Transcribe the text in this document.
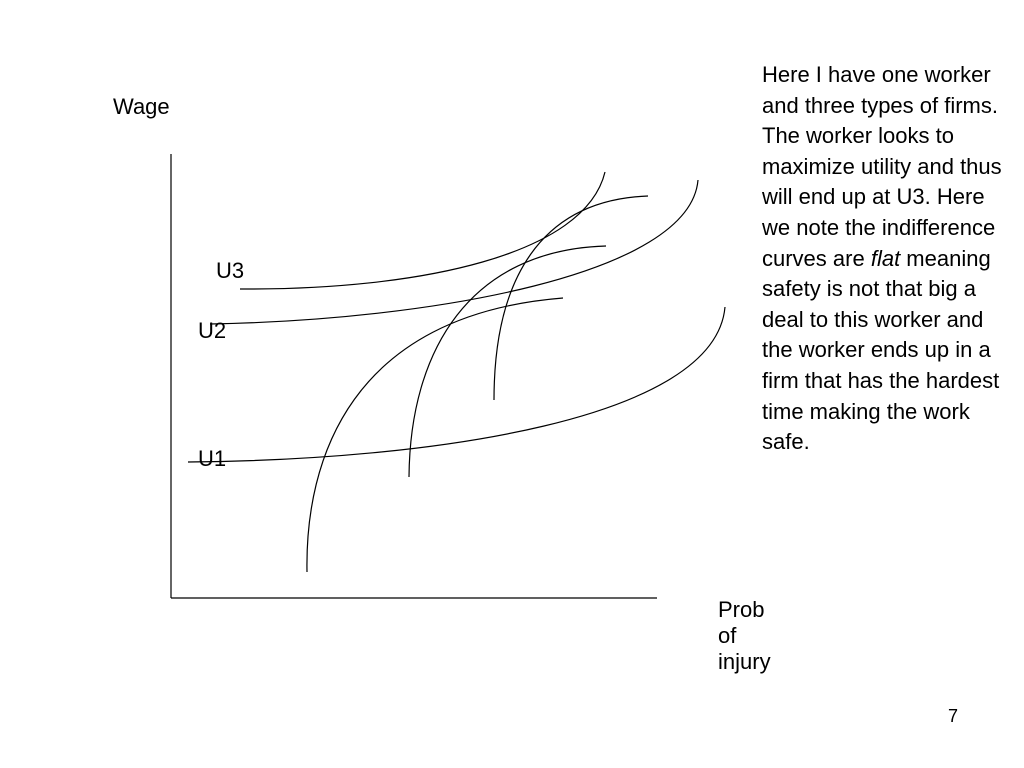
Wage
U3
U2
U1
Here I have one worker and three types of firms. The worker looks to maximize utility and thus will end up at U3. Here we note the indifference curves are flat meaning safety is not that big a deal to this worker and the worker ends up in a firm that has the hardest time making the work safe.
Prob
of
injury
7
